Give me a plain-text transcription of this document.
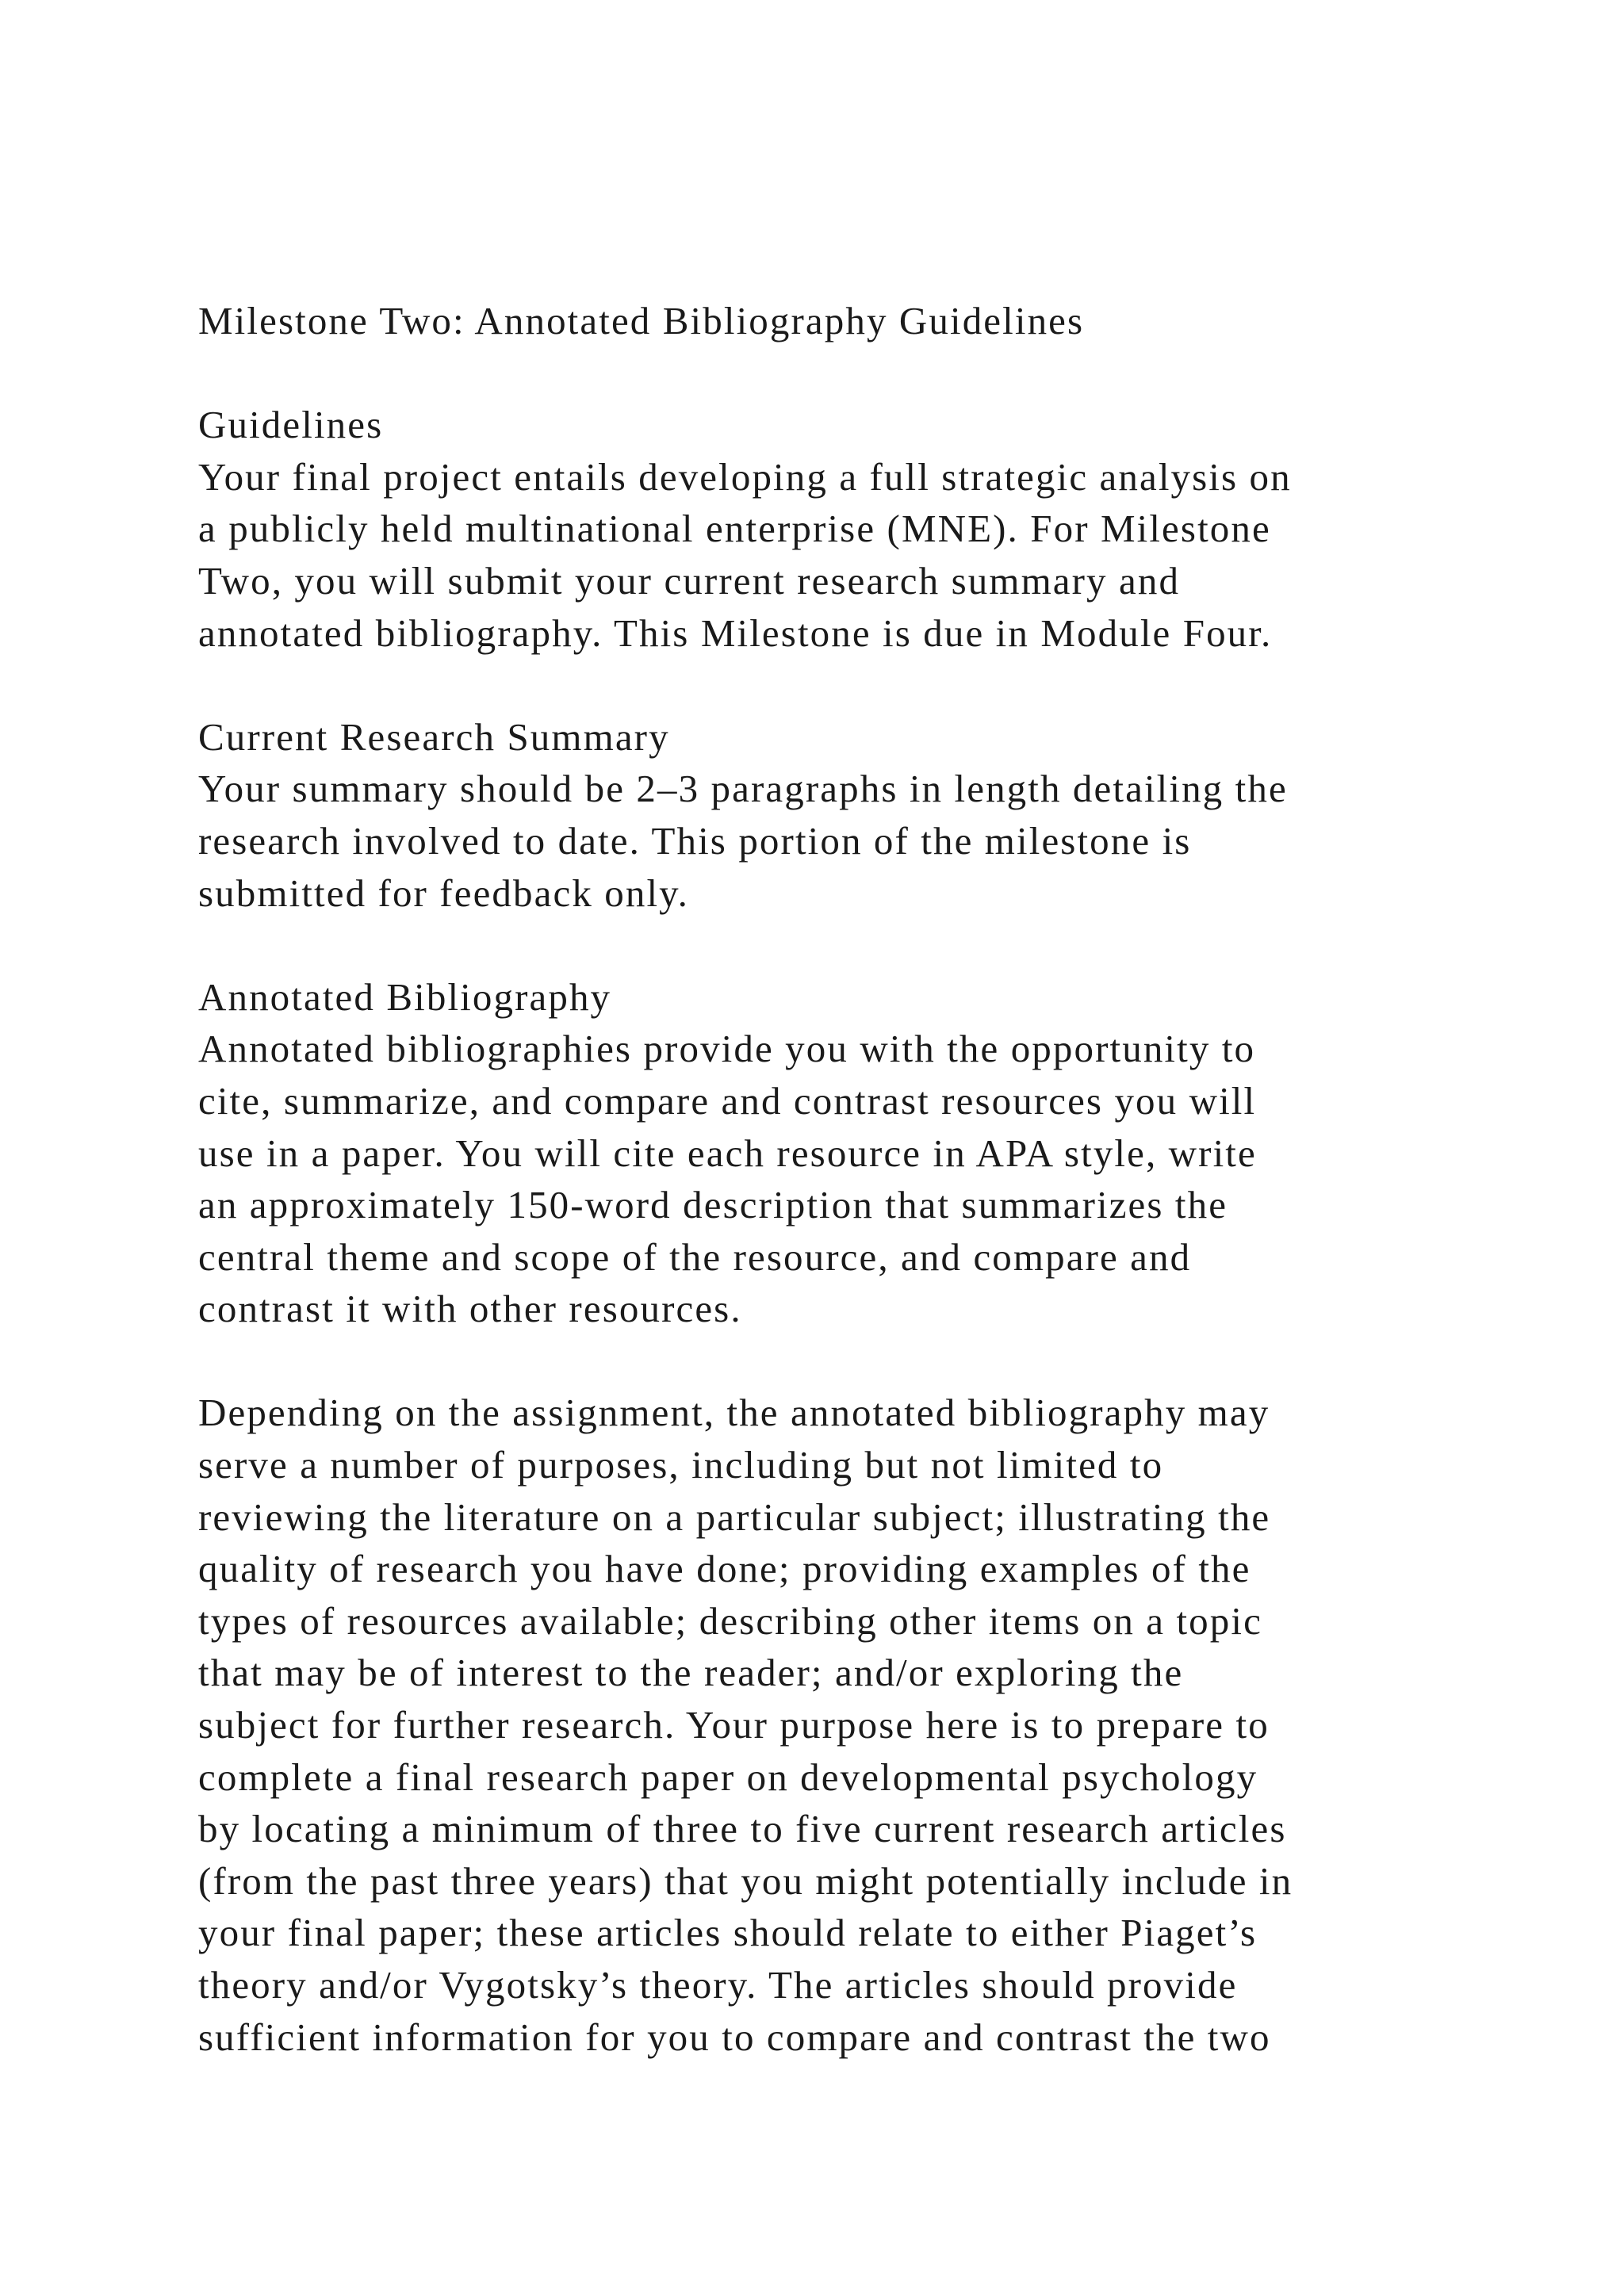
Milestone Two: Annotated Bibliography Guidelines
Guidelines
Your final project entails developing a full strategic analysis on
a publicly held multinational enterprise (MNE). For Milestone
Two, you will submit your current research summary and
annotated bibliography. This Milestone is due in Module Four.
Current Research Summary
Your summary should be 2–3 paragraphs in length detailing the
research involved to date. This portion of the milestone is
submitted for feedback only.
Annotated Bibliography
Annotated bibliographies provide you with the opportunity to
cite, summarize, and compare and contrast resources you will
use in a paper. You will cite each resource in APA style, write
an approximately 150-word description that summarizes the
central theme and scope of the resource, and compare and
contrast it with other resources.
Depending on the assignment, the annotated bibliography may
serve a number of purposes, including but not limited to
reviewing the literature on a particular subject; illustrating the
quality of research you have done; providing examples of the
types of resources available; describing other items on a topic
that may be of interest to the reader; and/or exploring the
subject for further research. Your purpose here is to prepare to
complete a final research paper on developmental psychology
by locating a minimum of three to five current research articles
(from the past three years) that you might potentially include in
your final paper; these articles should relate to either Piaget’s
theory and/or Vygotsky’s theory. The articles should provide
sufficient information for you to compare and contrast the two
